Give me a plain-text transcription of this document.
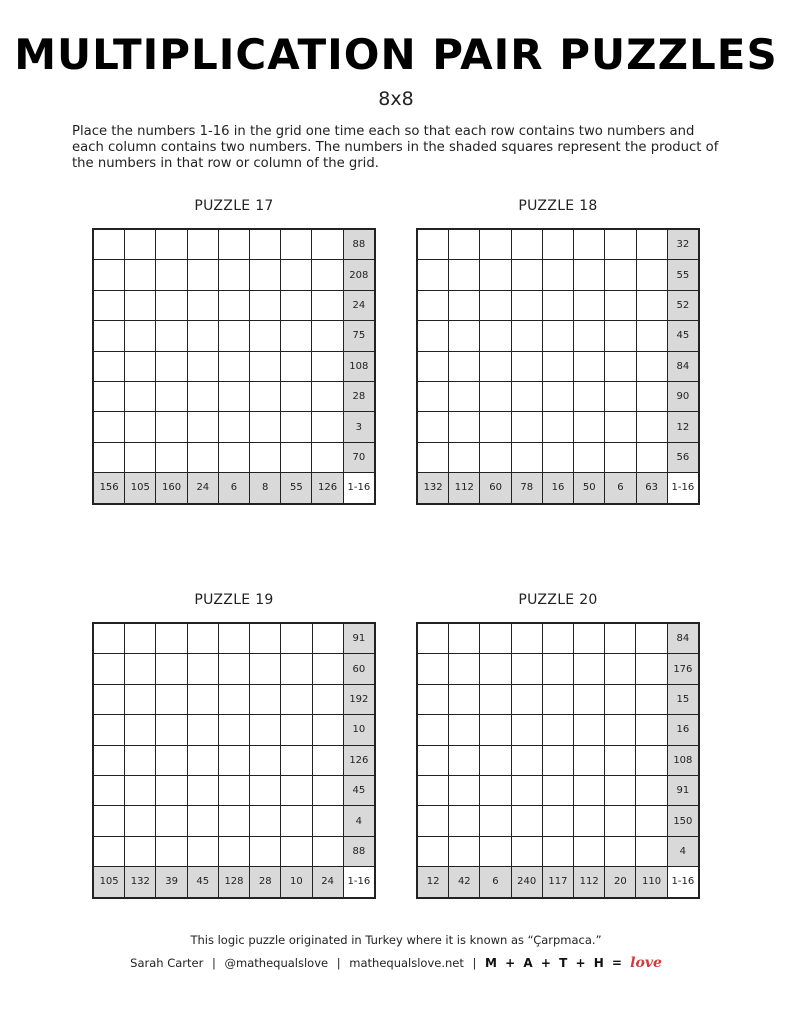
MULTIPLICATION PAIR PUZZLES
8x8
Place the numbers 1-16 in the grid one time each so that each row contains two numbers and each column contains two numbers. The numbers in the shaded squares represent the product of the numbers in that row or column of the grid.
PUZZLE 17
								88
								208
								24
								75
								108
								28
								3
								70
156	105	160	24	6	8	55	126	1-16
PUZZLE 18
								32
								55
								52
								45
								84
								90
								12
								56
132	112	60	78	16	50	6	63	1-16
PUZZLE 19
								91
								60
								192
								10
								126
								45
								4
								88
105	132	39	45	128	28	10	24	1-16
PUZZLE 20
								84
								176
								15
								16
								108
								91
								150
								4
12	42	6	240	117	112	20	110	1-16
This logic puzzle originated in Turkey where it is known as “Çarpmaca.”
Sarah Carter | @mathequalslove | mathequalslove.net | M + A + T + H = love
